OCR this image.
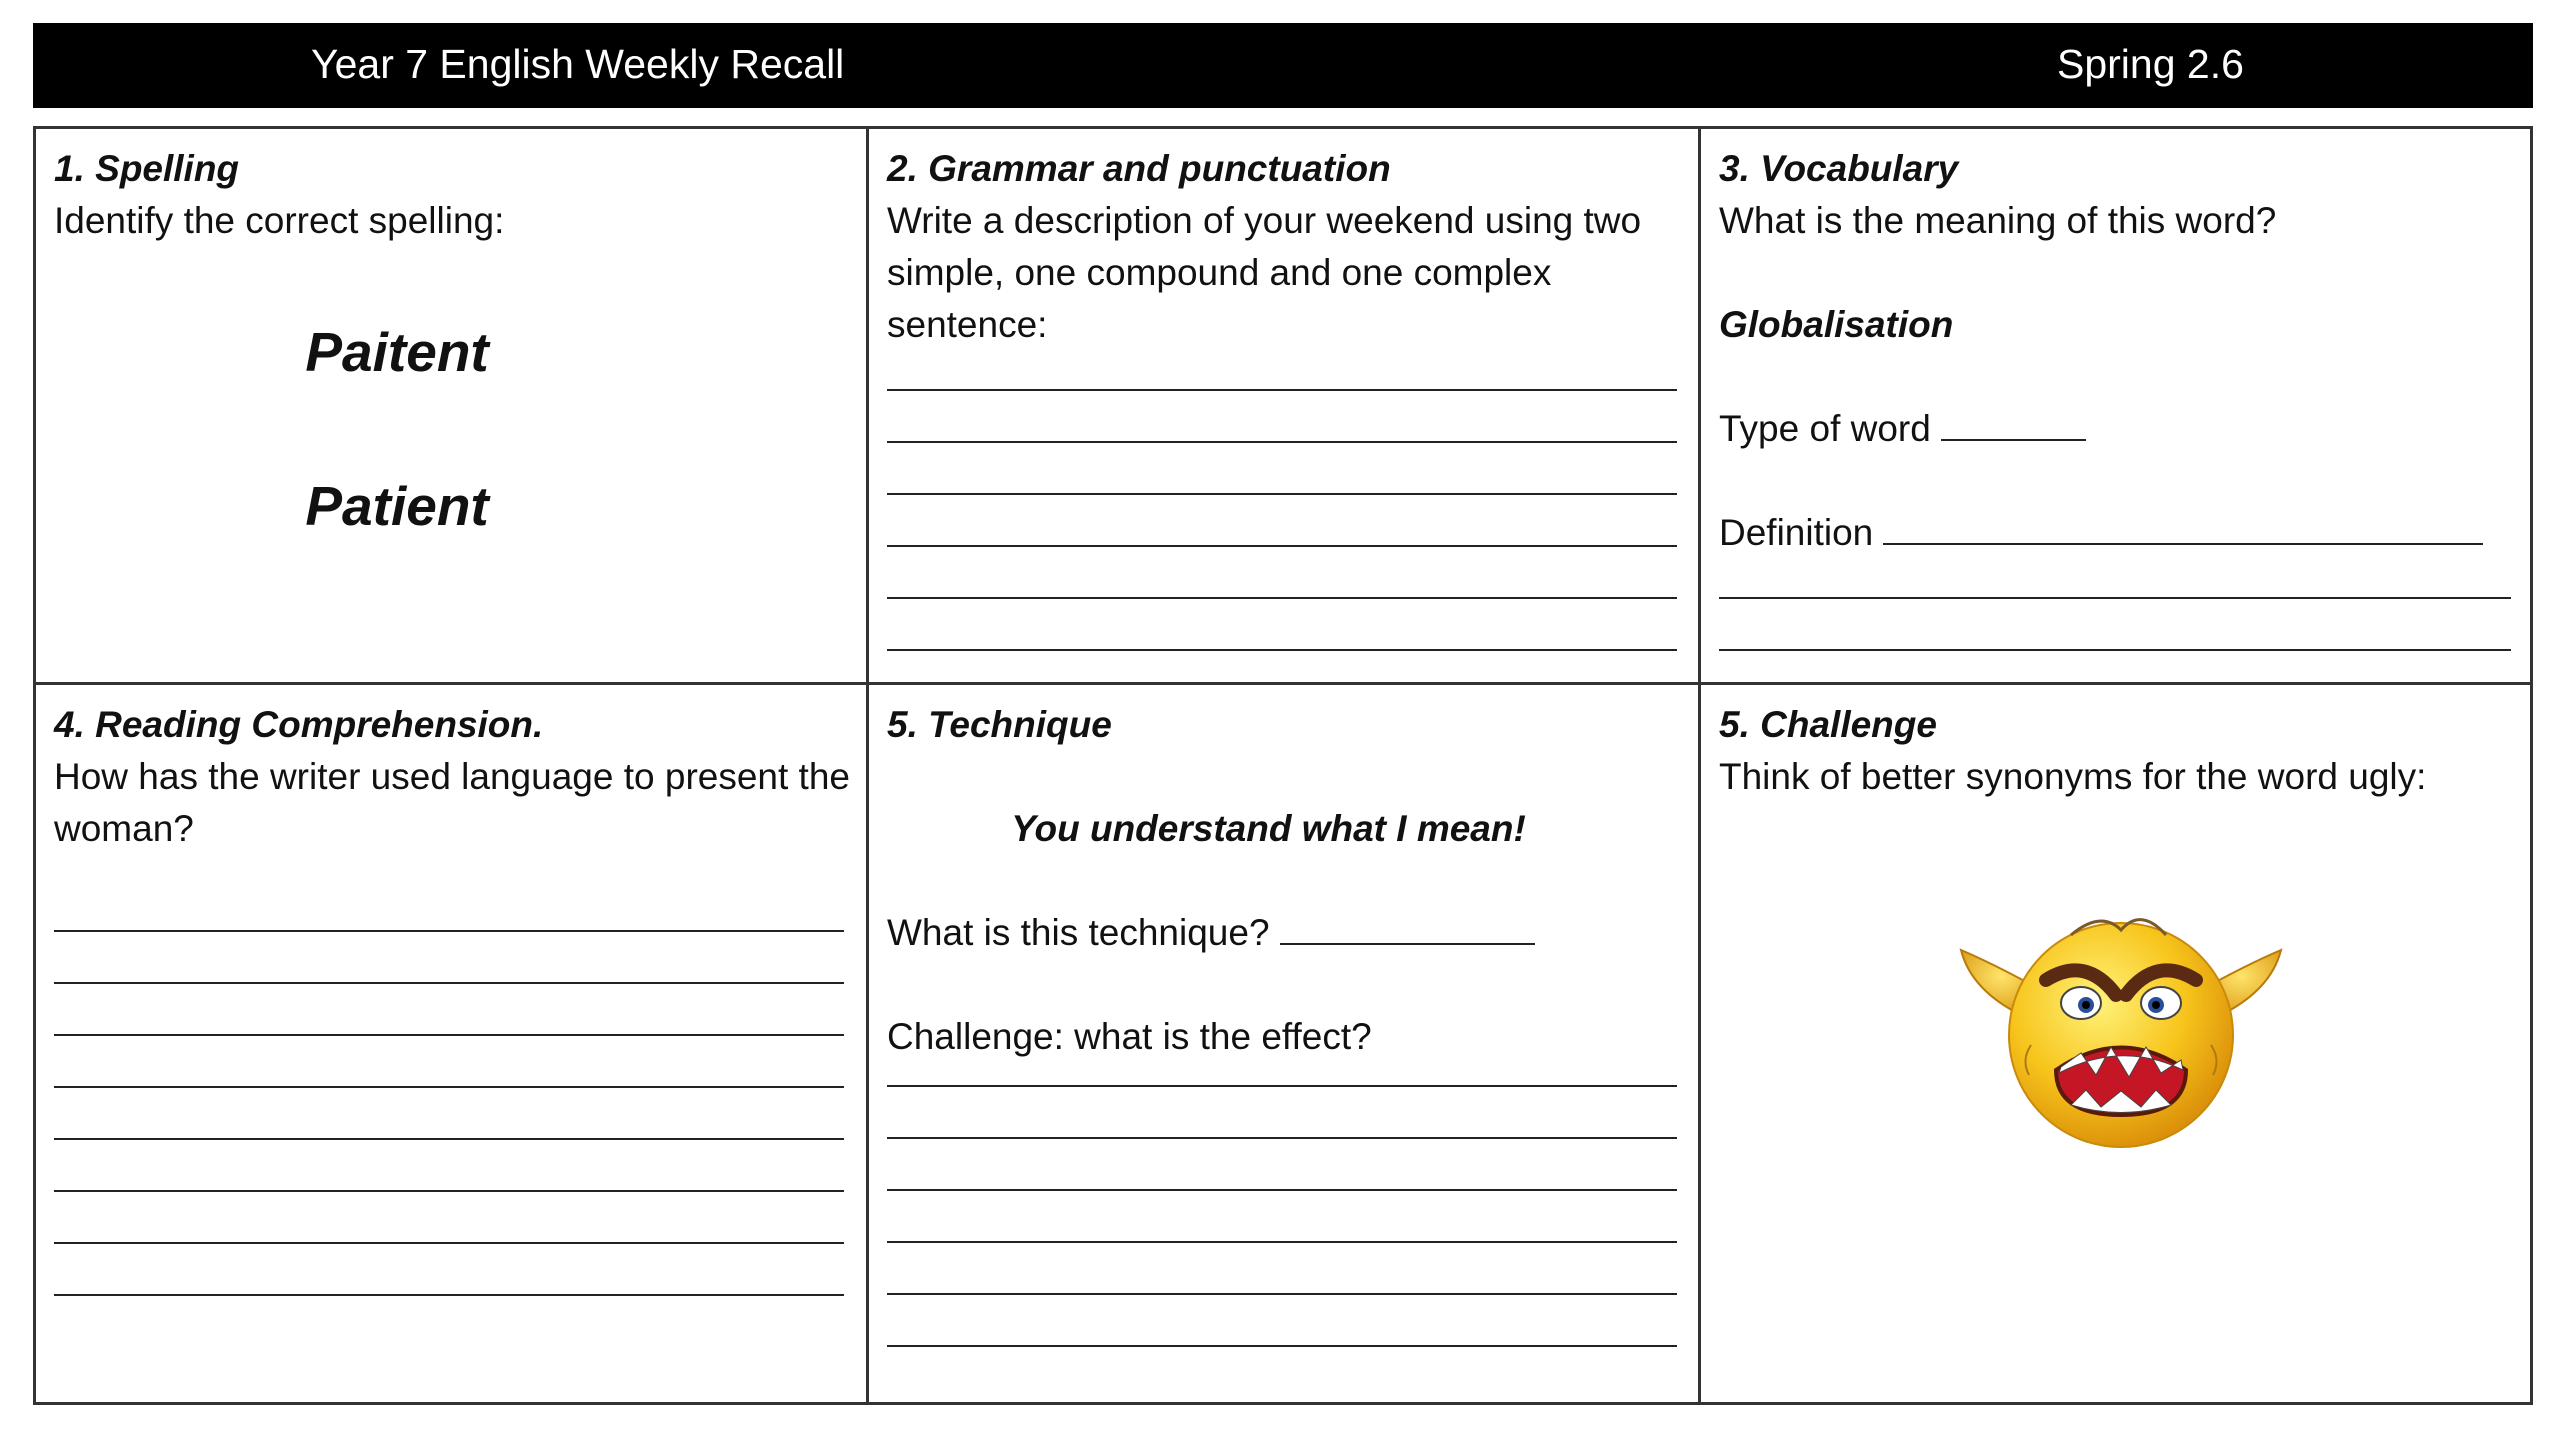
Year 7 English Weekly Recall	Spring 2.6
1. Spelling
Identify the correct spelling:
Paitent
Patient
2. Grammar and punctuation
Write a description of your weekend using two simple, one compound and one complex sentence:
3. Vocabulary
What is the meaning of this word?
Globalisation
Type of word
Definition
4. Reading Comprehension.
How has the writer used language to present the woman?
5. Technique
You understand what I mean!
What is this technique?
Challenge: what is the effect?
5. Challenge
Think of better synonyms for the word ugly:
